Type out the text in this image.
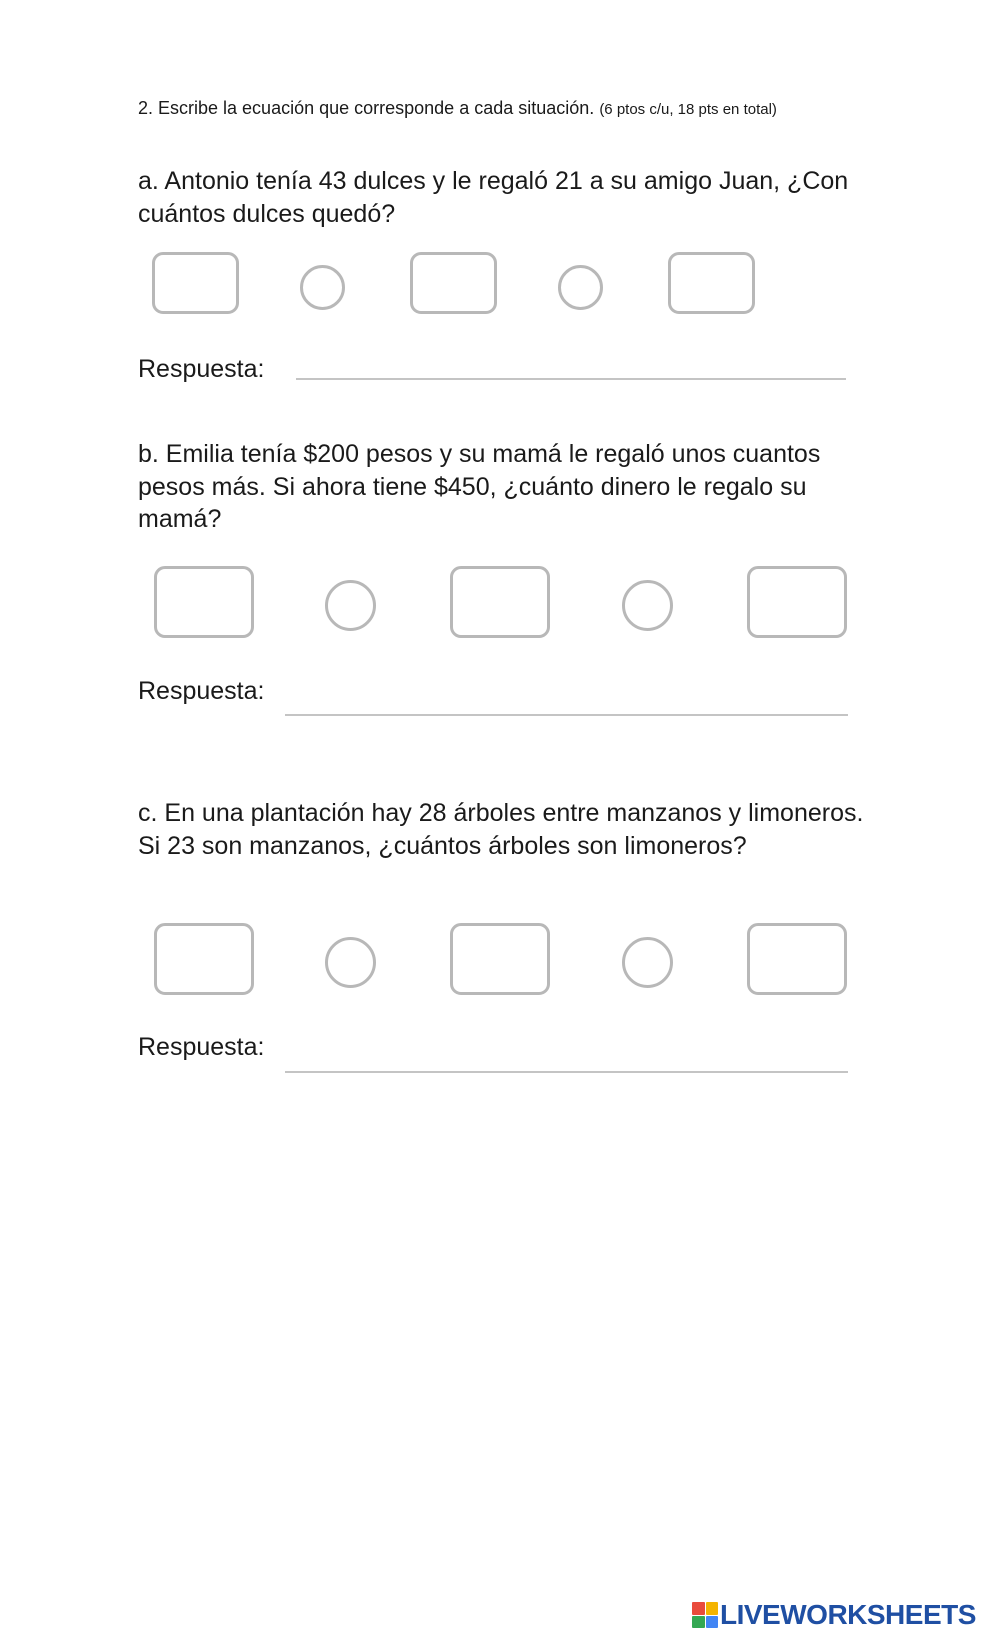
2. Escribe la ecuación que corresponde a cada situación. (6 ptos c/u, 18 pts en total)
a. Antonio tenía 43 dulces y le regaló 21 a su amigo Juan, ¿Con cuántos dulces quedó?
Respuesta:
b. Emilia tenía $200 pesos y su mamá le regaló unos cuantos pesos más. Si ahora tiene $450, ¿cuánto dinero le regalo su mamá?
Respuesta:
c. En una plantación hay 28 árboles entre manzanos y limoneros. Si 23 son manzanos, ¿cuántos árboles son limoneros?
Respuesta:
LIVEWORKSHEETS
